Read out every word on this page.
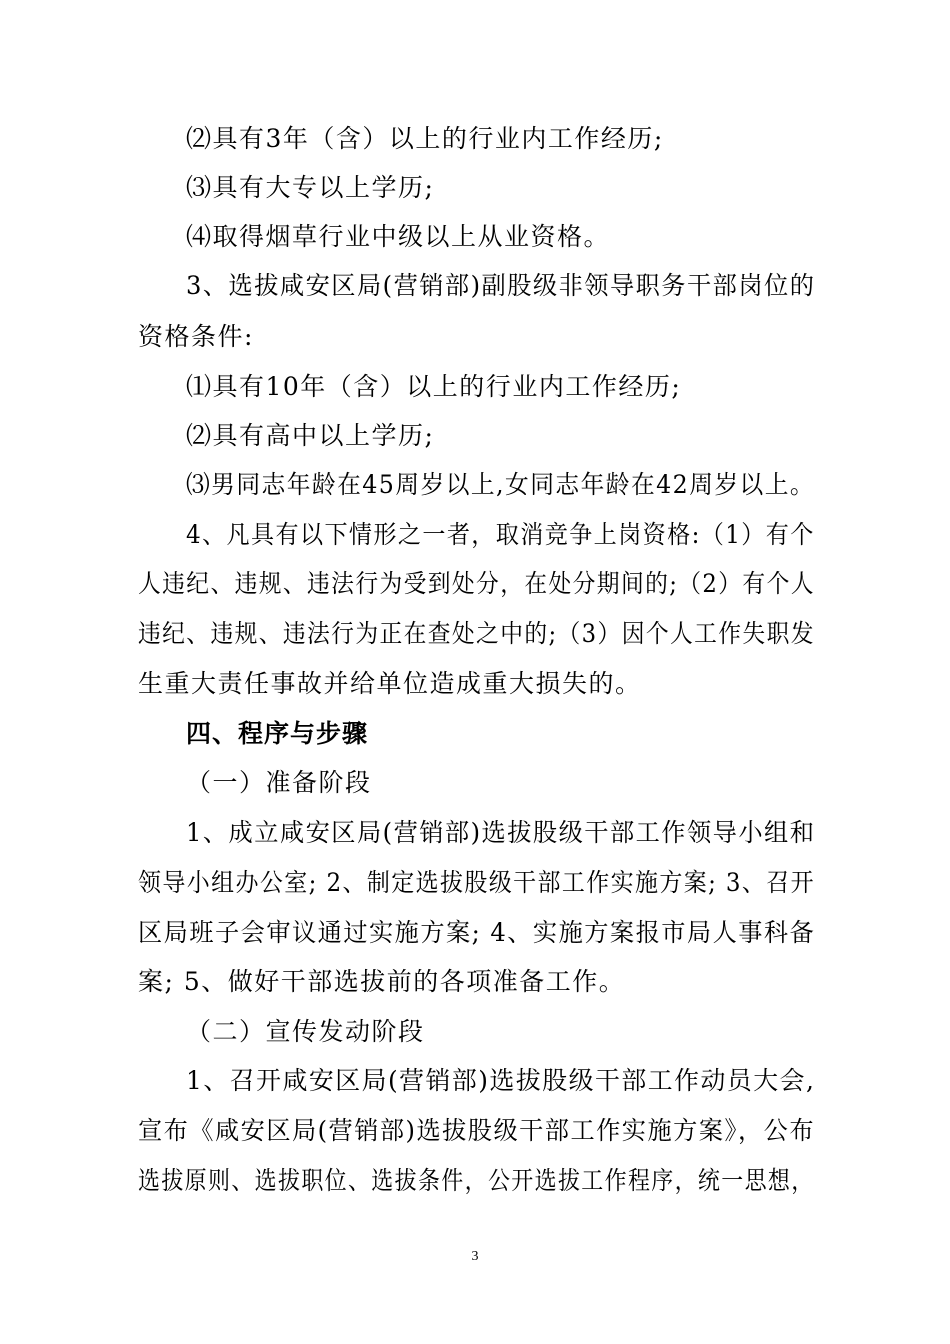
⑵具有3年（含）以上的行业内工作经历;
⑶具有大专以上学历;
⑷取得烟草行业中级以上从业资格。
3、选拔咸安区局(营销部)副股级非领导职务干部岗位的
资格条件:
⑴具有10年（含）以上的行业内工作经历;
⑵具有高中以上学历;
⑶男同志年龄在45周岁以上,女同志年龄在42周岁以上。
4、凡具有以下情形之一者，取消竞争上岗资格:（1）有个
人违纪、违规、违法行为受到处分，在处分期间的;（2）有个人
违纪、违规、违法行为正在查处之中的;（3）因个人工作失职发
生重大责任事故并给单位造成重大损失的。
四、程序与步骤
（一）准备阶段
1、成立咸安区局(营销部)选拔股级干部工作领导小组和
领导小组办公室; 2、制定选拔股级干部工作实施方案; 3、召开
区局班子会审议通过实施方案; 4、实施方案报市局人事科备
案; 5、做好干部选拔前的各项准备工作。
（二）宣传发动阶段
1、召开咸安区局(营销部)选拔股级干部工作动员大会,
宣布《咸安区局(营销部)选拔股级干部工作实施方案》，公布
选拔原则、选拔职位、选拔条件，公开选拔工作程序，统一思想，
3
